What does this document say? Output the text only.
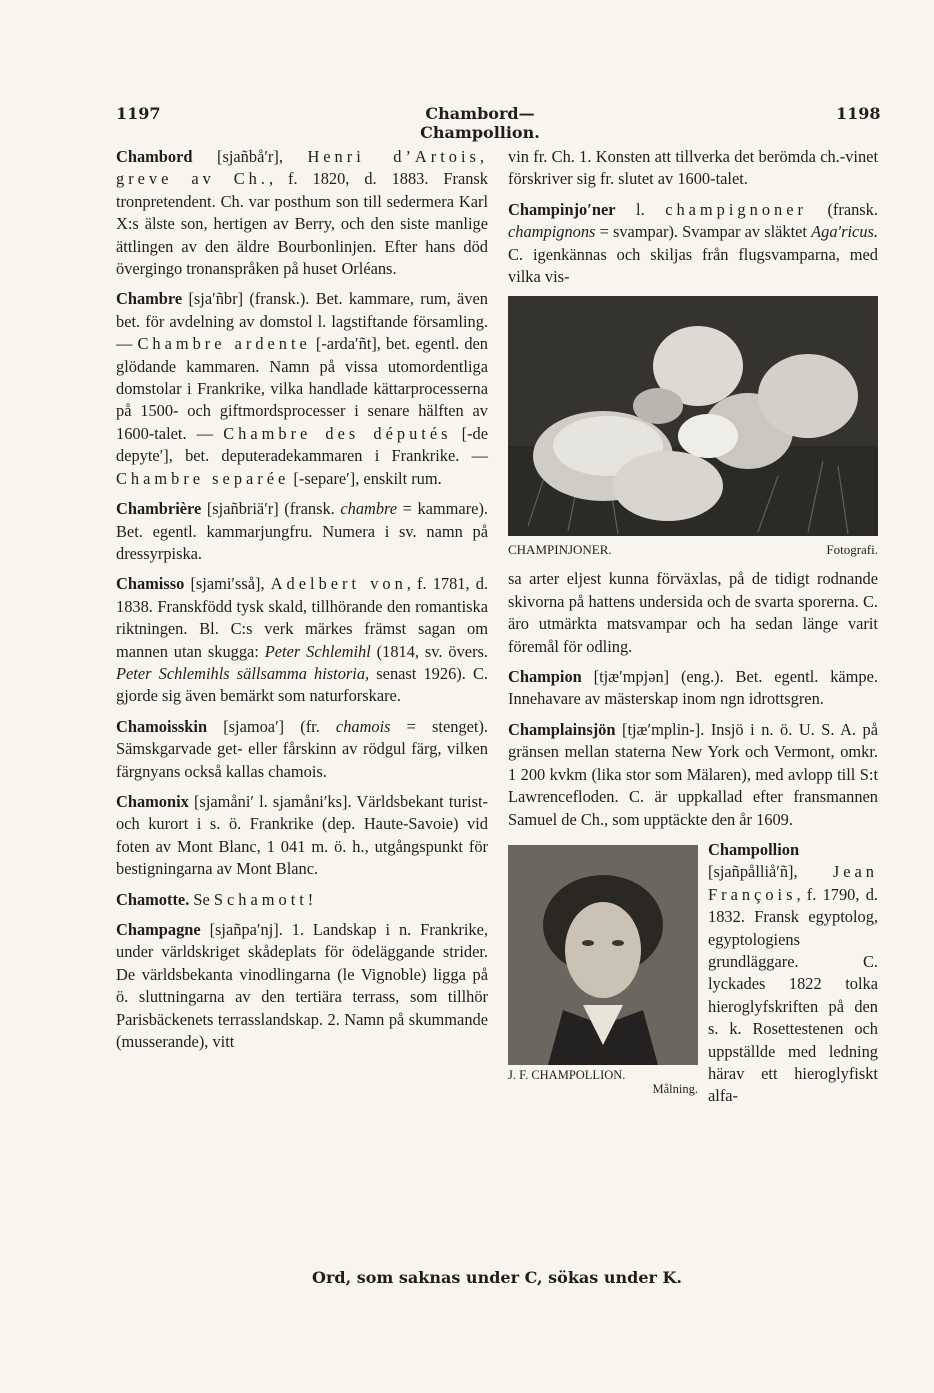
1197	Chambord—Champollion.
1198

Chambord [sjañbå′r], Henri d’Artois, greve av Ch., f. 1820, d. 1883. Fransk tronpretendent. Ch. var posthum son till sedermera Karl X:s älste son, hertigen av Berry, och den siste manlige ättlingen av den äldre Bourbonlinjen. Efter hans död övergingo tronanspråken på huset Orléans.

Chambre [sja′ñbr] (fransk.). Bet. kammare, rum, även bet. för avdelning av domstol l. lagstiftande församling. — Chambre ardente [-arda′ñt], bet. egentl. den glödande kammaren. Namn på vissa utomordentliga domstolar i Frankrike, vilka handlade kättarprocesserna på 1500- och giftmordsprocesser i senare hälften av 1600-talet. — Chambre des députés [-de depyte′], bet. deputeradekammaren i Frankrike. — Chambre separée [-separe′], enskilt rum.

Chambrière [sjañbriä′r] (fransk. chambre = kammare). Bet. egentl. kammarjungfru. Numera i sv. namn på dressyrpiska.

Chamisso [sjami′sså], Adelbert von, f. 1781, d. 1838. Franskfödd tysk skald, tillhörande den romantiska riktningen. Bl. C:s verk märkes främst sagan om mannen utan skugga: Peter Schlemihl (1814, sv. övers. Peter Schlemihls sällsamma historia, senast 1926). C. gjorde sig även bemärkt som naturforskare.

Chamoisskin [sjamoa′] (fr. chamois = stenget). Sämskgarvade get- eller fårskinn av rödgul färg, vilken färgnyans också kallas chamois.

Chamonix [sjamåni′ l. sjamåni′ks]. Världsbekant turist- och kurort i s. ö. Frankrike (dep. Haute-Savoie) vid foten av Mont Blanc, 1 041 m. ö. h., utgångspunkt för bestigningarna av Mont Blanc.

Chamotte. Se Schamott!

Champagne [sjañpa′nj]. 1. Landskap i n. Frankrike, under världskriget skådeplats för ödeläggande strider. De världsbekanta vinodlingarna (le Vignoble) ligga på ö. sluttningarna av den tertiära terrass, som tillhör Parisbäckenets terrasslandskap. 2. Namn på skummande (musserande), vitt

vin fr. Ch. 1. Konsten att tillverka det berömda ch.-vinet förskriver sig fr. slutet av 1600-talet.

Champinjo′ner l. champignoner (fransk. champignons = svampar). Svampar av släktet Aga′ricus. C. igenkännas och skiljas från flugsvamparna, med vilka vis-

CHAMPINJONER.	Fotografi.

sa arter eljest kunna förväxlas, på de tidigt rodnande skivorna på hattens undersida och de svarta sporerna. C. äro utmärkta matsvampar och ha sedan länge varit föremål för odling.

Champion [tjæ′mpjən] (eng.). Bet. egentl. kämpe. Innehavare av mästerskap inom ngn idrottsgren.

Champlainsjön [tjæ′mplin-]. Insjö i n. ö. U. S. A. på gränsen mellan staterna New York och Vermont, omkr. 1 200 kvkm (lika stor som Mälaren), med avlopp till S:t Lawrencefloden. C. är uppkallad efter fransmannen Samuel de Ch., som upptäckte den år 1609.

J. F. CHAMPOLLION.
Målning.

Champollion [sjañpålliå′ñ], Jean François, f. 1790, d. 1832. Fransk egyptolog, egyptologiens grundläggare. C. lyckades 1822 tolka hieroglyfskriften på den s. k. Rosettestenen och uppställde med ledning härav ett hieroglyfiskt alfa-

Ord, som saknas under C, sökas under K.
